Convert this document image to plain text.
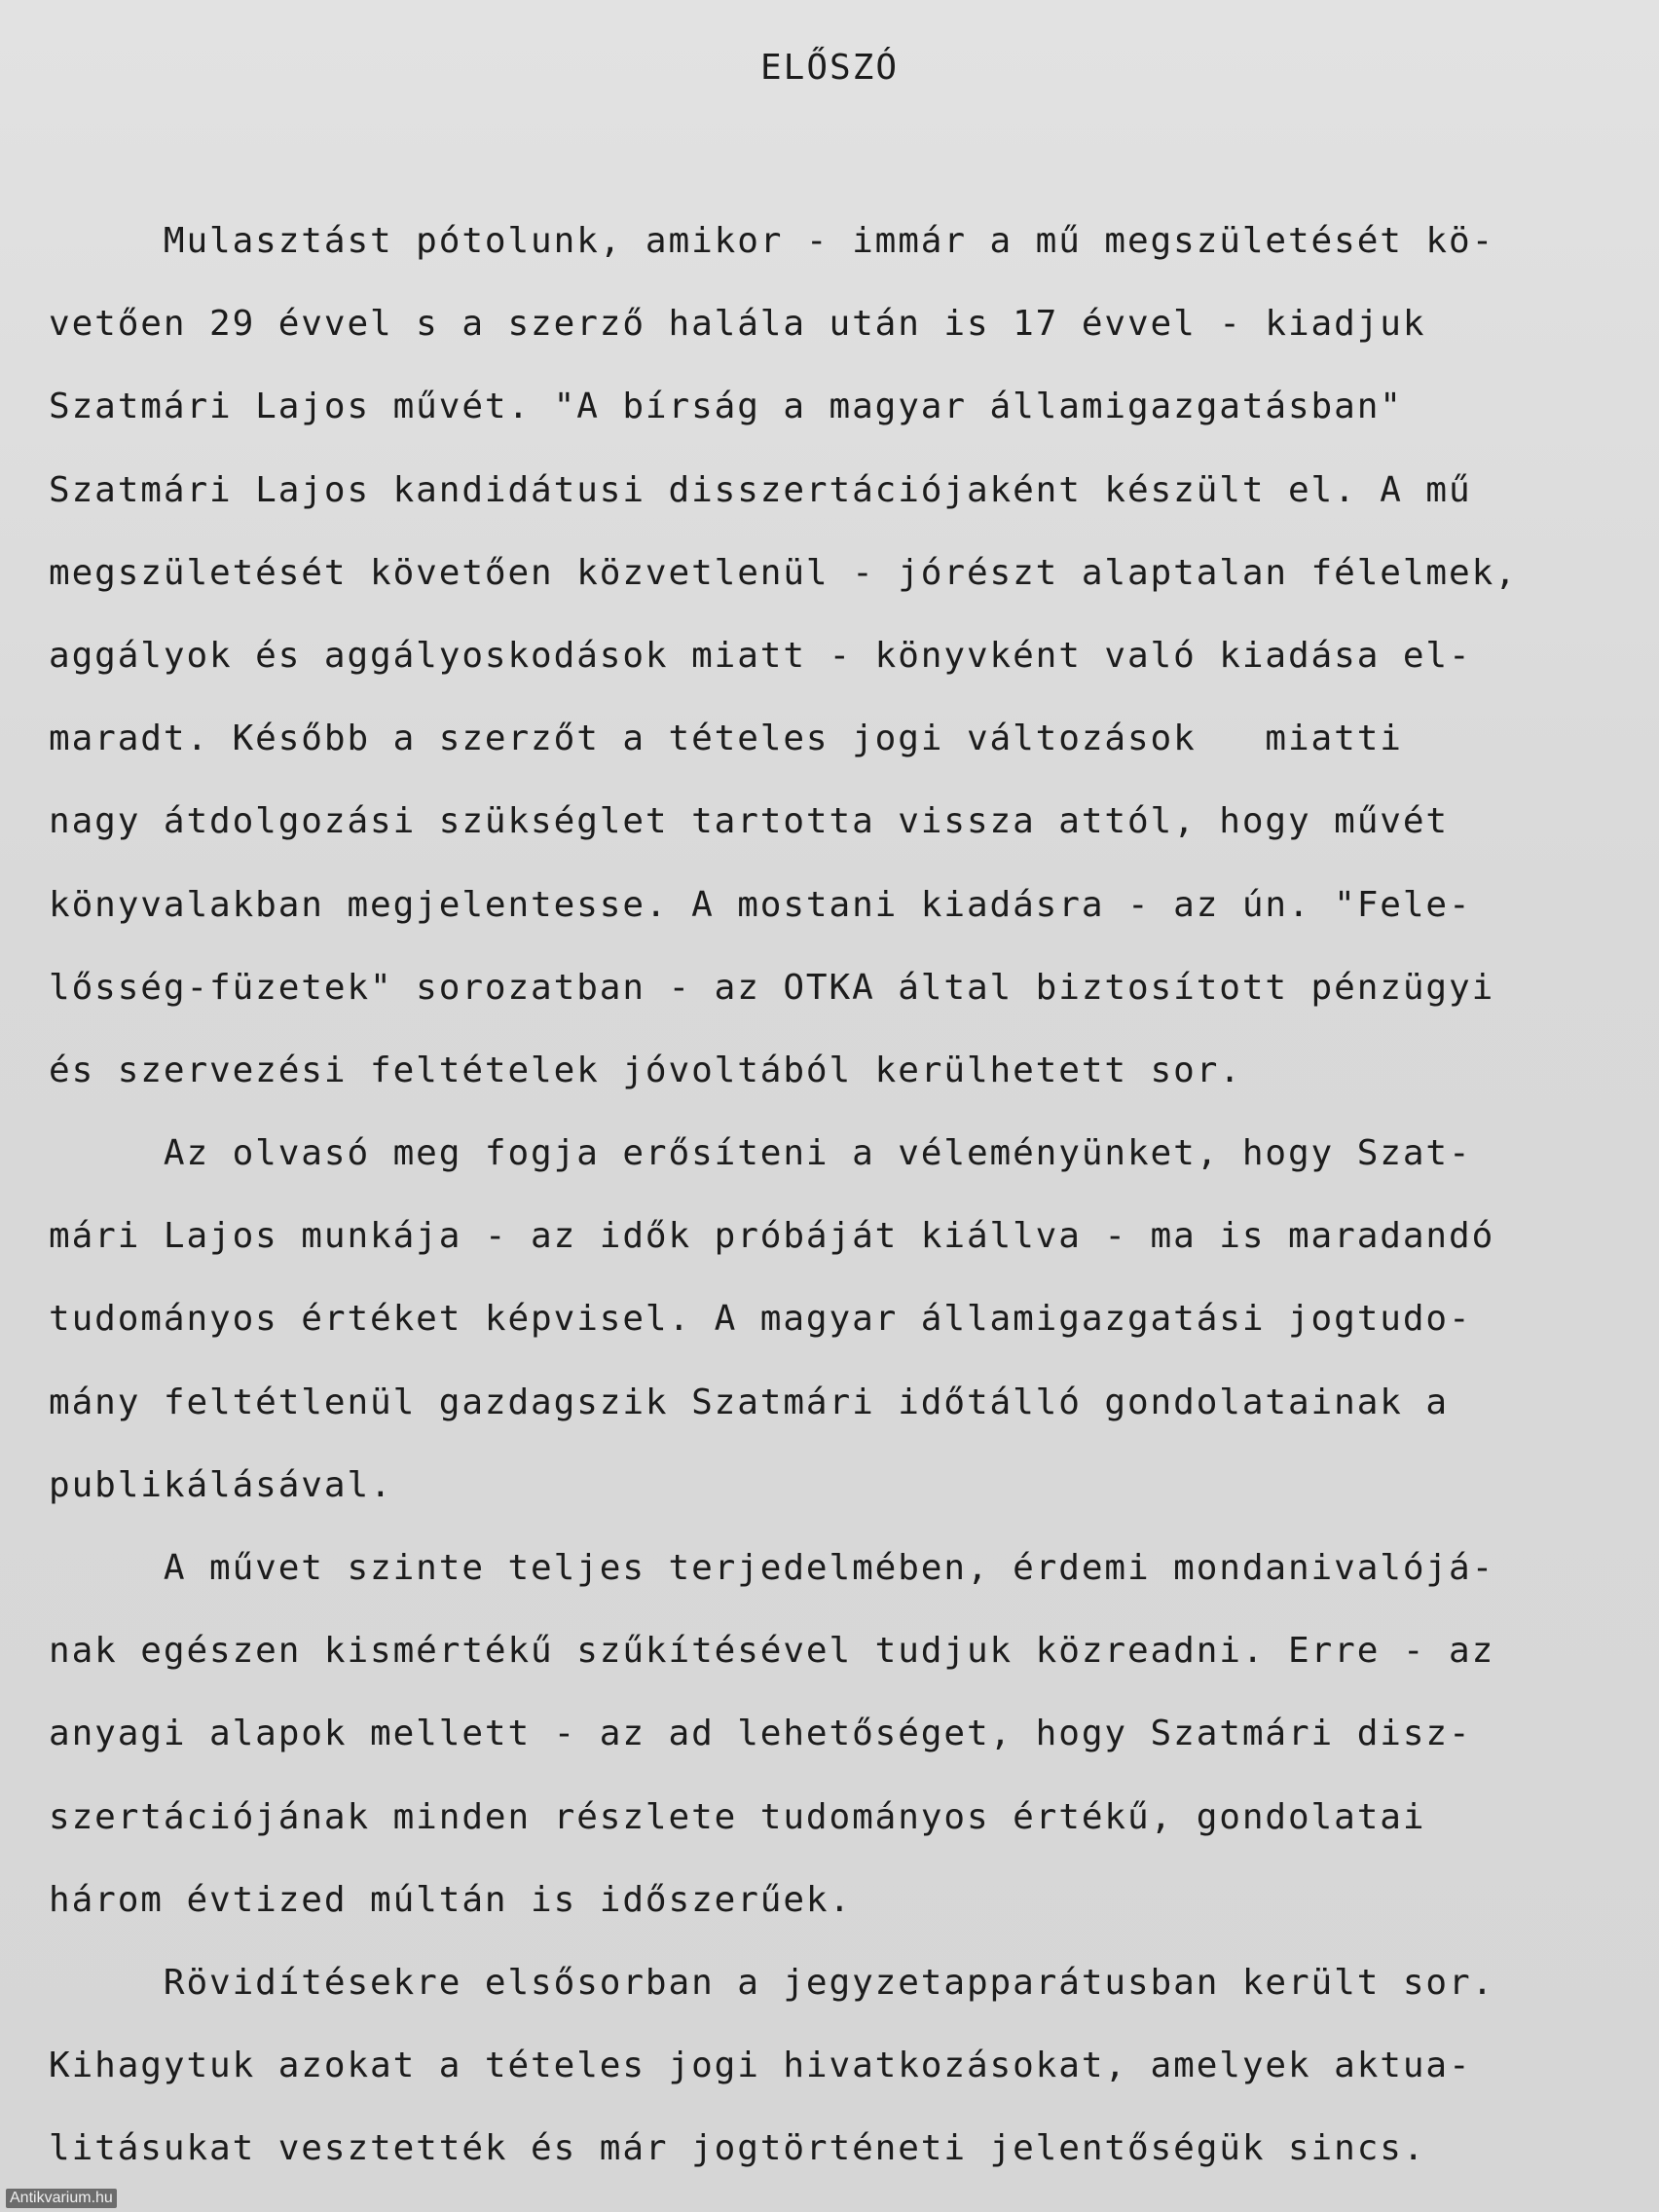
ELŐSZÓ
Mulasztást pótolunk, amikor - immár a mű megszületését kö-
vetően 29 évvel s a szerző halála után is 17 évvel - kiadjuk
Szatmári Lajos művét. "A bírság a magyar államigazgatásban"
Szatmári Lajos kandidátusi disszertációjaként készült el. A mű
megszületését követően közvetlenül - jórészt alaptalan félelmek,
aggályok és aggályoskodások miatt - könyvként való kiadása el-
maradt. Később a szerzőt a tételes jogi változások   miatti
nagy átdolgozási szükséglet tartotta vissza attól, hogy művét
könyvalakban megjelentesse. A mostani kiadásra - az ún. "Fele-
lősség-füzetek" sorozatban - az OTKA által biztosított pénzügyi
és szervezési feltételek jóvoltából kerülhetett sor.
Az olvasó meg fogja erősíteni a véleményünket, hogy Szat-
mári Lajos munkája - az idők próbáját kiállva - ma is maradandó
tudományos értéket képvisel. A magyar államigazgatási jogtudo-
mány feltétlenül gazdagszik Szatmári időtálló gondolatainak a
publikálásával.
A művet szinte teljes terjedelmében, érdemi mondanivalójá-
nak egészen kismértékű szűkítésével tudjuk közreadni. Erre - az
anyagi alapok mellett - az ad lehetőséget, hogy Szatmári disz-
szertációjának minden részlete tudományos értékű, gondolatai
három évtized múltán is időszerűek.
Rövidítésekre elsősorban a jegyzetapparátusban került sor.
Kihagytuk azokat a tételes jogi hivatkozásokat, amelyek aktua-
litásukat vesztették és már jogtörténeti jelentőségük sincs.
Antikvarium.hu
